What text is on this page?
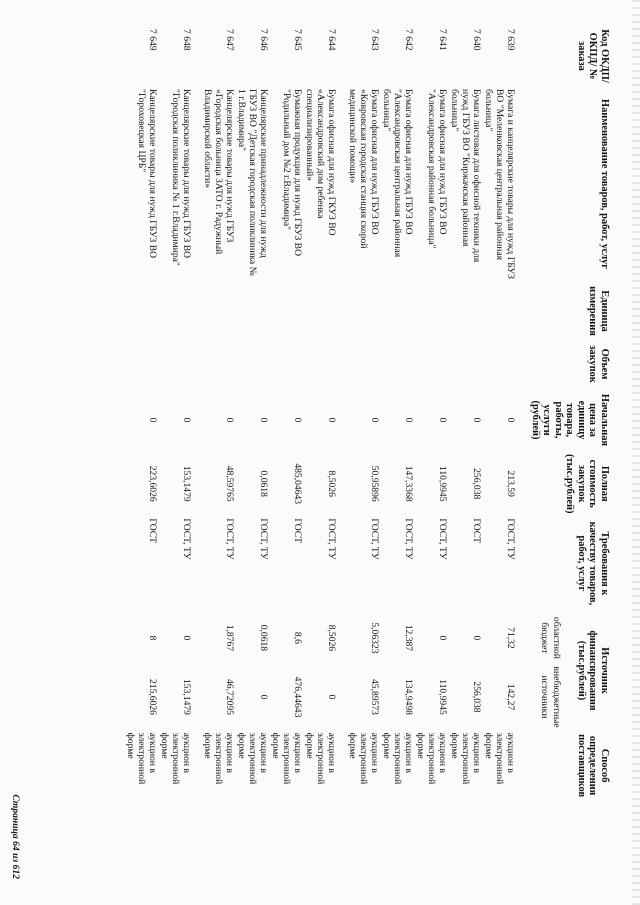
Код ОКДП/ ОКПД/ № заказа	Наименование товаров, работ, услуг	Единица измерения	Объем закупок	Начальная цена за единицу товара, работы, услуги (рублей)	Полная стоимость закупок (тыс.рублей)	Требования к качеству товаров, работ, услуг	Источник финансирования (тыс.рублей)		Способ определения поставщиков
							областной бюджет	внебюджетные источники	

7 639	Бумага и канцелярские товары для нужд ГБУЗ ВО "Меленковская центральная районная больница"			0	213,59	ГОСТ, ТУ	71,32	142,27	аукцион в электронной форме
7 640	Бумага листовая для офисной техники для нужд ГБУЗ ВО "Киржачская районная больница"			0	256,038	ГОСТ	0	256,038	аукцион в электронной форме
7 641	Бумага офисная для нужд ГБУЗ ВО "Александровская районная больница"			0	110,9945	ГОСТ, ТУ	0	110,9945	аукцион в электронной форме
7 642	Бумага офисная для нужд ГБУЗ ВО "Александровская центральная районная больница"			0	147,3368	ГОСТ, ТУ	12,387	134,9498	аукцион в электронной форме
7 643	Бумага офисная для нужд ГБУЗ ВО «Ковровская городская станция скорой медицинской помощи»			0	50,95896	ГОСТ, ТУ	5,06323	45,89573	аукцион в электронной форме
7 644	Бумага офисная для нужд ГКУЗ ВО «Александровский дом ребенка специализированный»			0	8,5026	ГОСТ, ТУ	8,5026	0	аукцион в электронной форме
7 645	Бумажная продукция для нужд ГБУЗ ВО "Родильный дом №2 г.Владимира"			0	485,04643	ГОСТ	8,6	476,44643	аукцион в электронной форме
7 646	Канцелярские принадлежности для нужд ГБУЗ ВО "Детская городская поликлиника № 1 г.Владимира"			0	0,0618	ГОСТ, ТУ	0,0618	0	аукцион в электронной форме
7 647	Канцелярские товары для нужд ГБУЗ «Городская больница ЗАТО г. Радужный Владимирской области»			0	48,59765	ГОСТ, ТУ	1,8767	46,72095	аукцион в электронной форме
7 648	Канцелярские товары для нужд ГБУЗ ВО "Городская поликлиника № 1 г.Владимира"			0	153,1479	ГОСТ, ТУ	0	153,1479	аукцион в электронной форме
7 649	Канцелярские товары для нужд ГБУЗ ВО "Гороховецкая ЦРБ"			0	223,6026	ГОСТ	8	215,6026	аукцион в электронной форме
Страница 64 из 612
